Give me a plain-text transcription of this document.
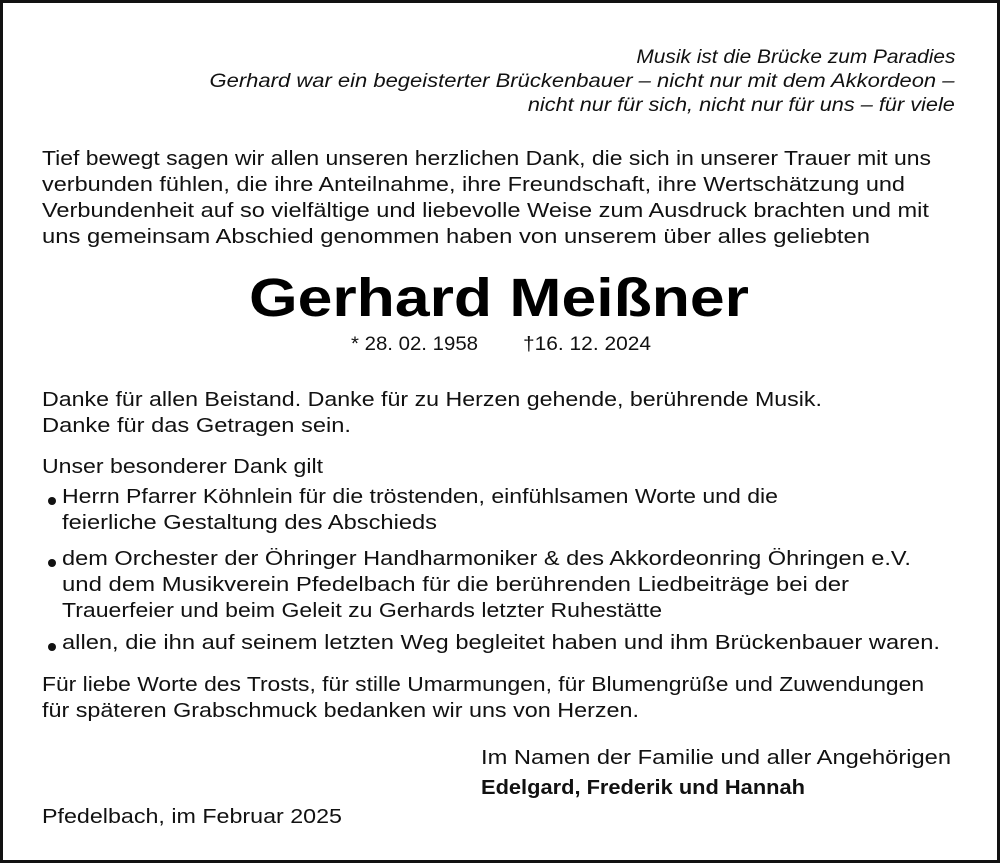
Musik ist die Brücke zum Paradies
Gerhard war ein begeisterter Brückenbauer – nicht nur mit dem Akkordeon –
nicht nur für sich, nicht nur für uns – für viele
Tief bewegt sagen wir allen unseren herzlichen Dank, die sich in unserer Trauer mit uns
verbunden fühlen, die ihre Anteilnahme, ihre Freundschaft, ihre Wertschätzung und
Verbundenheit auf so vielfältige und liebevolle Weise zum Ausdruck brachten und mit
uns gemeinsam Abschied genommen haben von unserem über alles geliebten
Gerhard Meißner
* 28. 02. 1958 †16. 12. 2024
Danke für allen Beistand. Danke für zu Herzen gehende, berührende Musik.
Danke für das Getragen sein.
Unser besonderer Dank gilt
Herrn Pfarrer Köhnlein für die tröstenden, einfühlsamen Worte und die
feierliche Gestaltung des Abschieds
dem Orchester der Öhringer Handharmoniker & des Akkordeonring Öhringen e.V.
und dem Musikverein Pfedelbach für die berührenden Liedbeiträge bei der
Trauerfeier und beim Geleit zu Gerhards letzter Ruhestätte
allen, die ihn auf seinem letzten Weg begleitet haben und ihm Brückenbauer waren.
Für liebe Worte des Trosts, für stille Umarmungen, für Blumengrüße und Zuwendungen
für späteren Grabschmuck bedanken wir uns von Herzen.
Im Namen der Familie und aller Angehörigen
Edelgard, Frederik und Hannah
Pfedelbach, im Februar 2025
